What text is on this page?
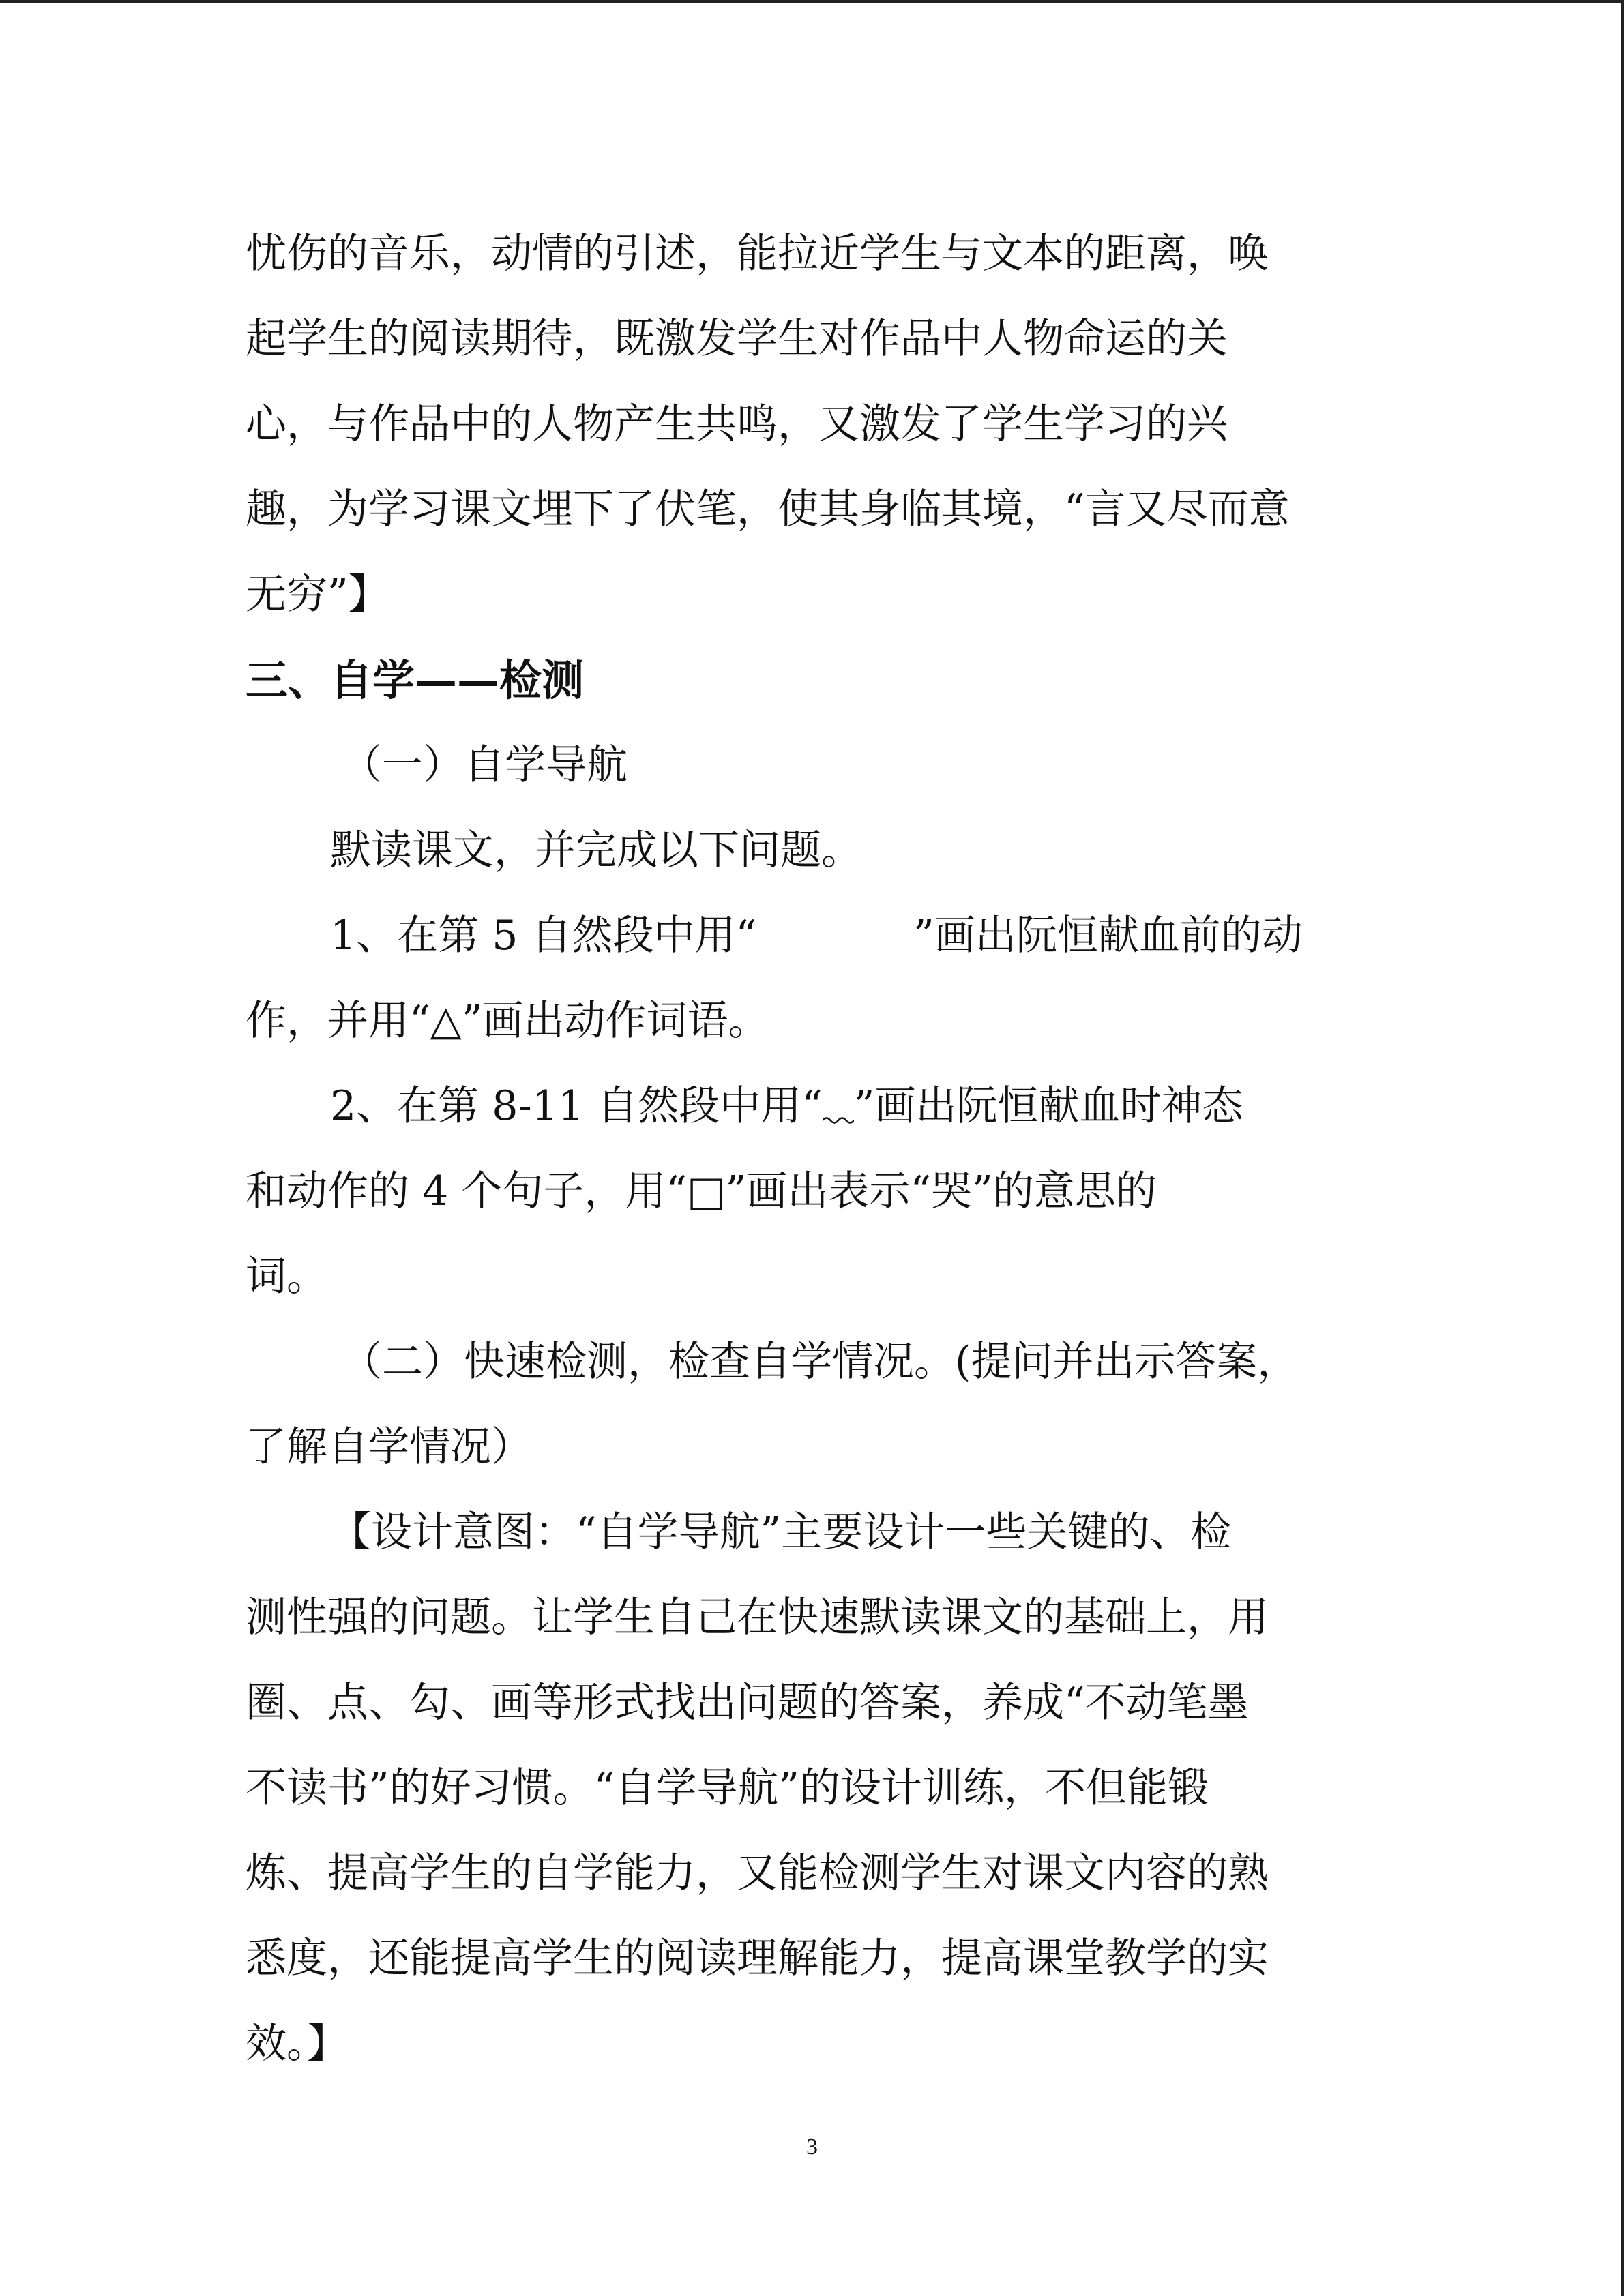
忧伤的音乐，动情的引述，能拉近学生与文本的距离，唤
起学生的阅读期待，既激发学生对作品中人物命运的关
心，与作品中的人物产生共鸣，又激发了学生学习的兴
趣，为学习课文埋下了伏笔，使其身临其境，“言又尽而意
无穷”】
三、自学——检测
（一）自学导航
默读课文，并完成以下问题。
1、在第 5 自然段中用“	”画出阮恒献血前的动
作，并用“△”画出动作词语。
2、在第 8-11 自然段中用“ ”画出阮恒献血时神态
和动作的 4 个句子，用“□”画出表示“哭”的意思的
词。
（二）快速检测，检查自学情况。(提问并出示答案，
了解自学情况）
【设计意图：“自学导航”主要设计一些关键的、检
测性强的问题。让学生自己在快速默读课文的基础上，用
圈、点、勾、画等形式找出问题的答案，养成“不动笔墨
不读书”的好习惯。“自学导航”的设计训练，不但能锻
炼、提高学生的自学能力，又能检测学生对课文内容的熟
悉度，还能提高学生的阅读理解能力，提高课堂教学的实
效。】
3
